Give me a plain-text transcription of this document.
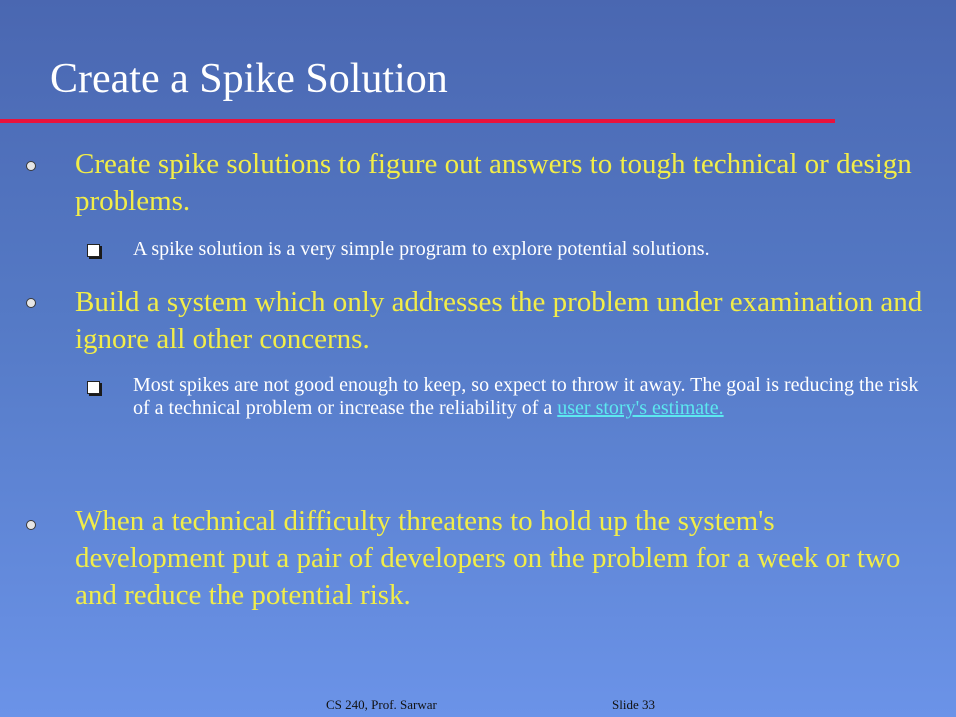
Create a Spike Solution
Create spike solutions to figure out answers to tough technical or design problems.
A spike solution is a very simple program to explore potential solutions.
Build a system which only addresses the problem under examination and ignore all other concerns.
Most spikes are not good enough to keep, so expect to throw it away. The goal is reducing the risk of a technical problem or increase the reliability of a user story's estimate.
When a technical difficulty threatens to hold up the system's development put a pair of developers on the problem for a week or two and reduce the potential risk.
CS 240, Prof. Sarwar	Slide 33
